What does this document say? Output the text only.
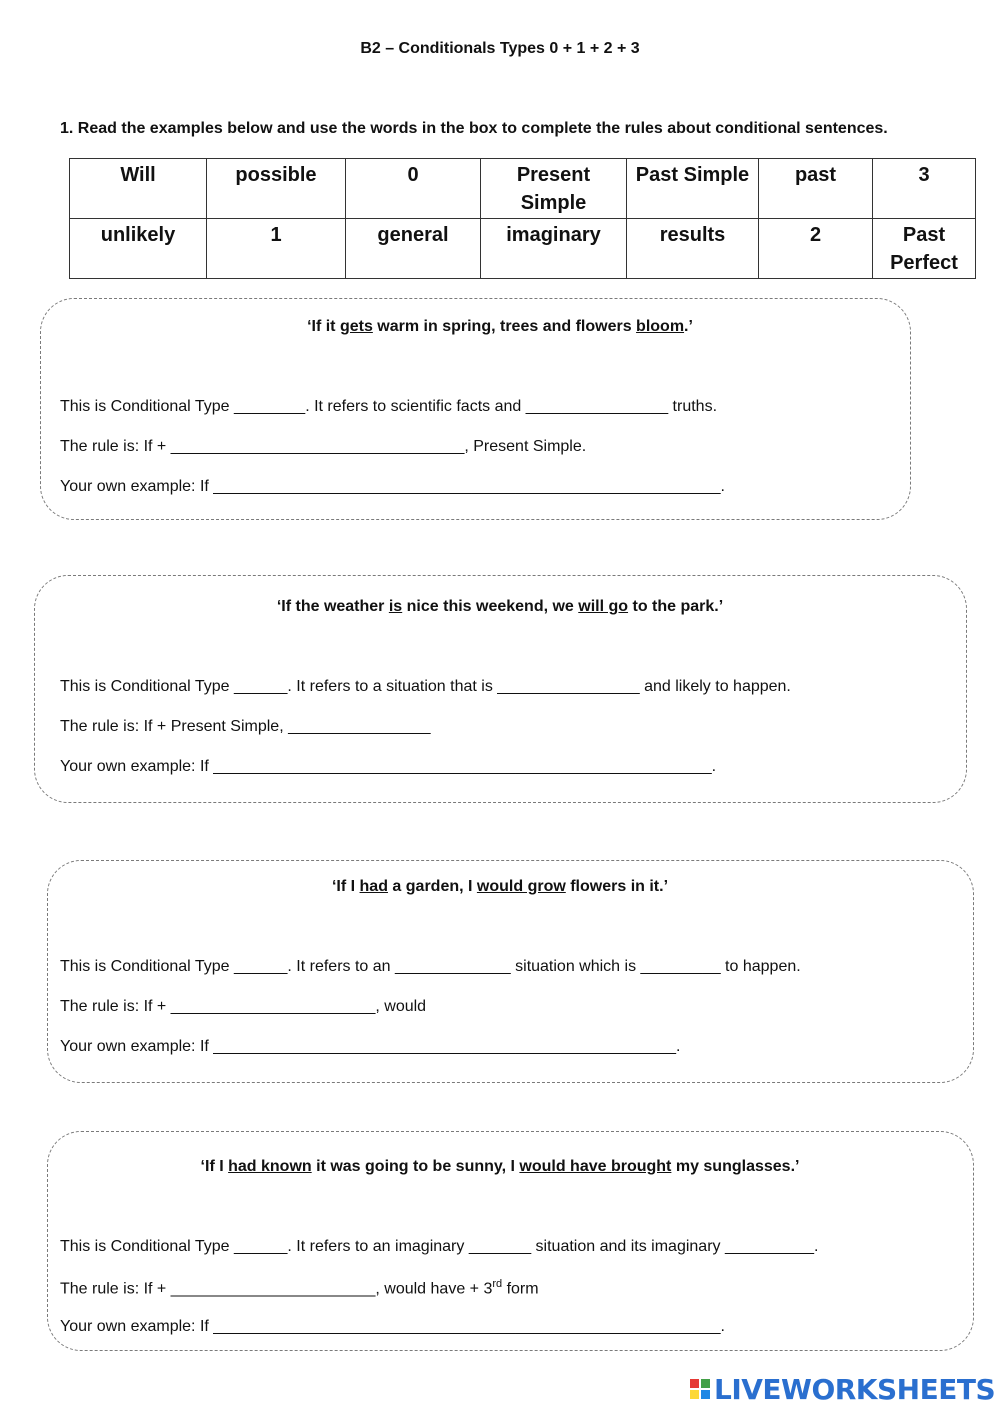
B2 – Conditionals Types 0 + 1 + 2 + 3
1. Read the examples below and use the words in the box to complete the rules about conditional sentences.
Will	possible	0	Present Simple	Past Simple	past	3
unlikely	1	general	imaginary	results	2	Past Perfect
‘If it gets warm in spring, trees and flowers bloom.’
This is Conditional Type ________. It refers to scientific facts and ________________ truths.
The rule is: If + _________________________________, Present Simple.
Your own example: If _________________________________________________________.
‘If the weather is nice this weekend, we will go to the park.’
This is Conditional Type ______. It refers to a situation that is ________________ and likely to happen.
The rule is: If + Present Simple, ________________
Your own example: If ________________________________________________________.
‘If I had a garden, I would grow flowers in it.’
This is Conditional Type ______. It refers to an _____________ situation which is _________ to happen.
The rule is: If + _______________________, would
Your own example: If ____________________________________________________.
‘If I had known it was going to be sunny, I would have brought my sunglasses.’
This is Conditional Type ______. It refers to an imaginary _______ situation and its imaginary __________.
The rule is: If + _______________________, would have + 3rd form
Your own example: If _________________________________________________________.
LIVEWORKSHEETS
